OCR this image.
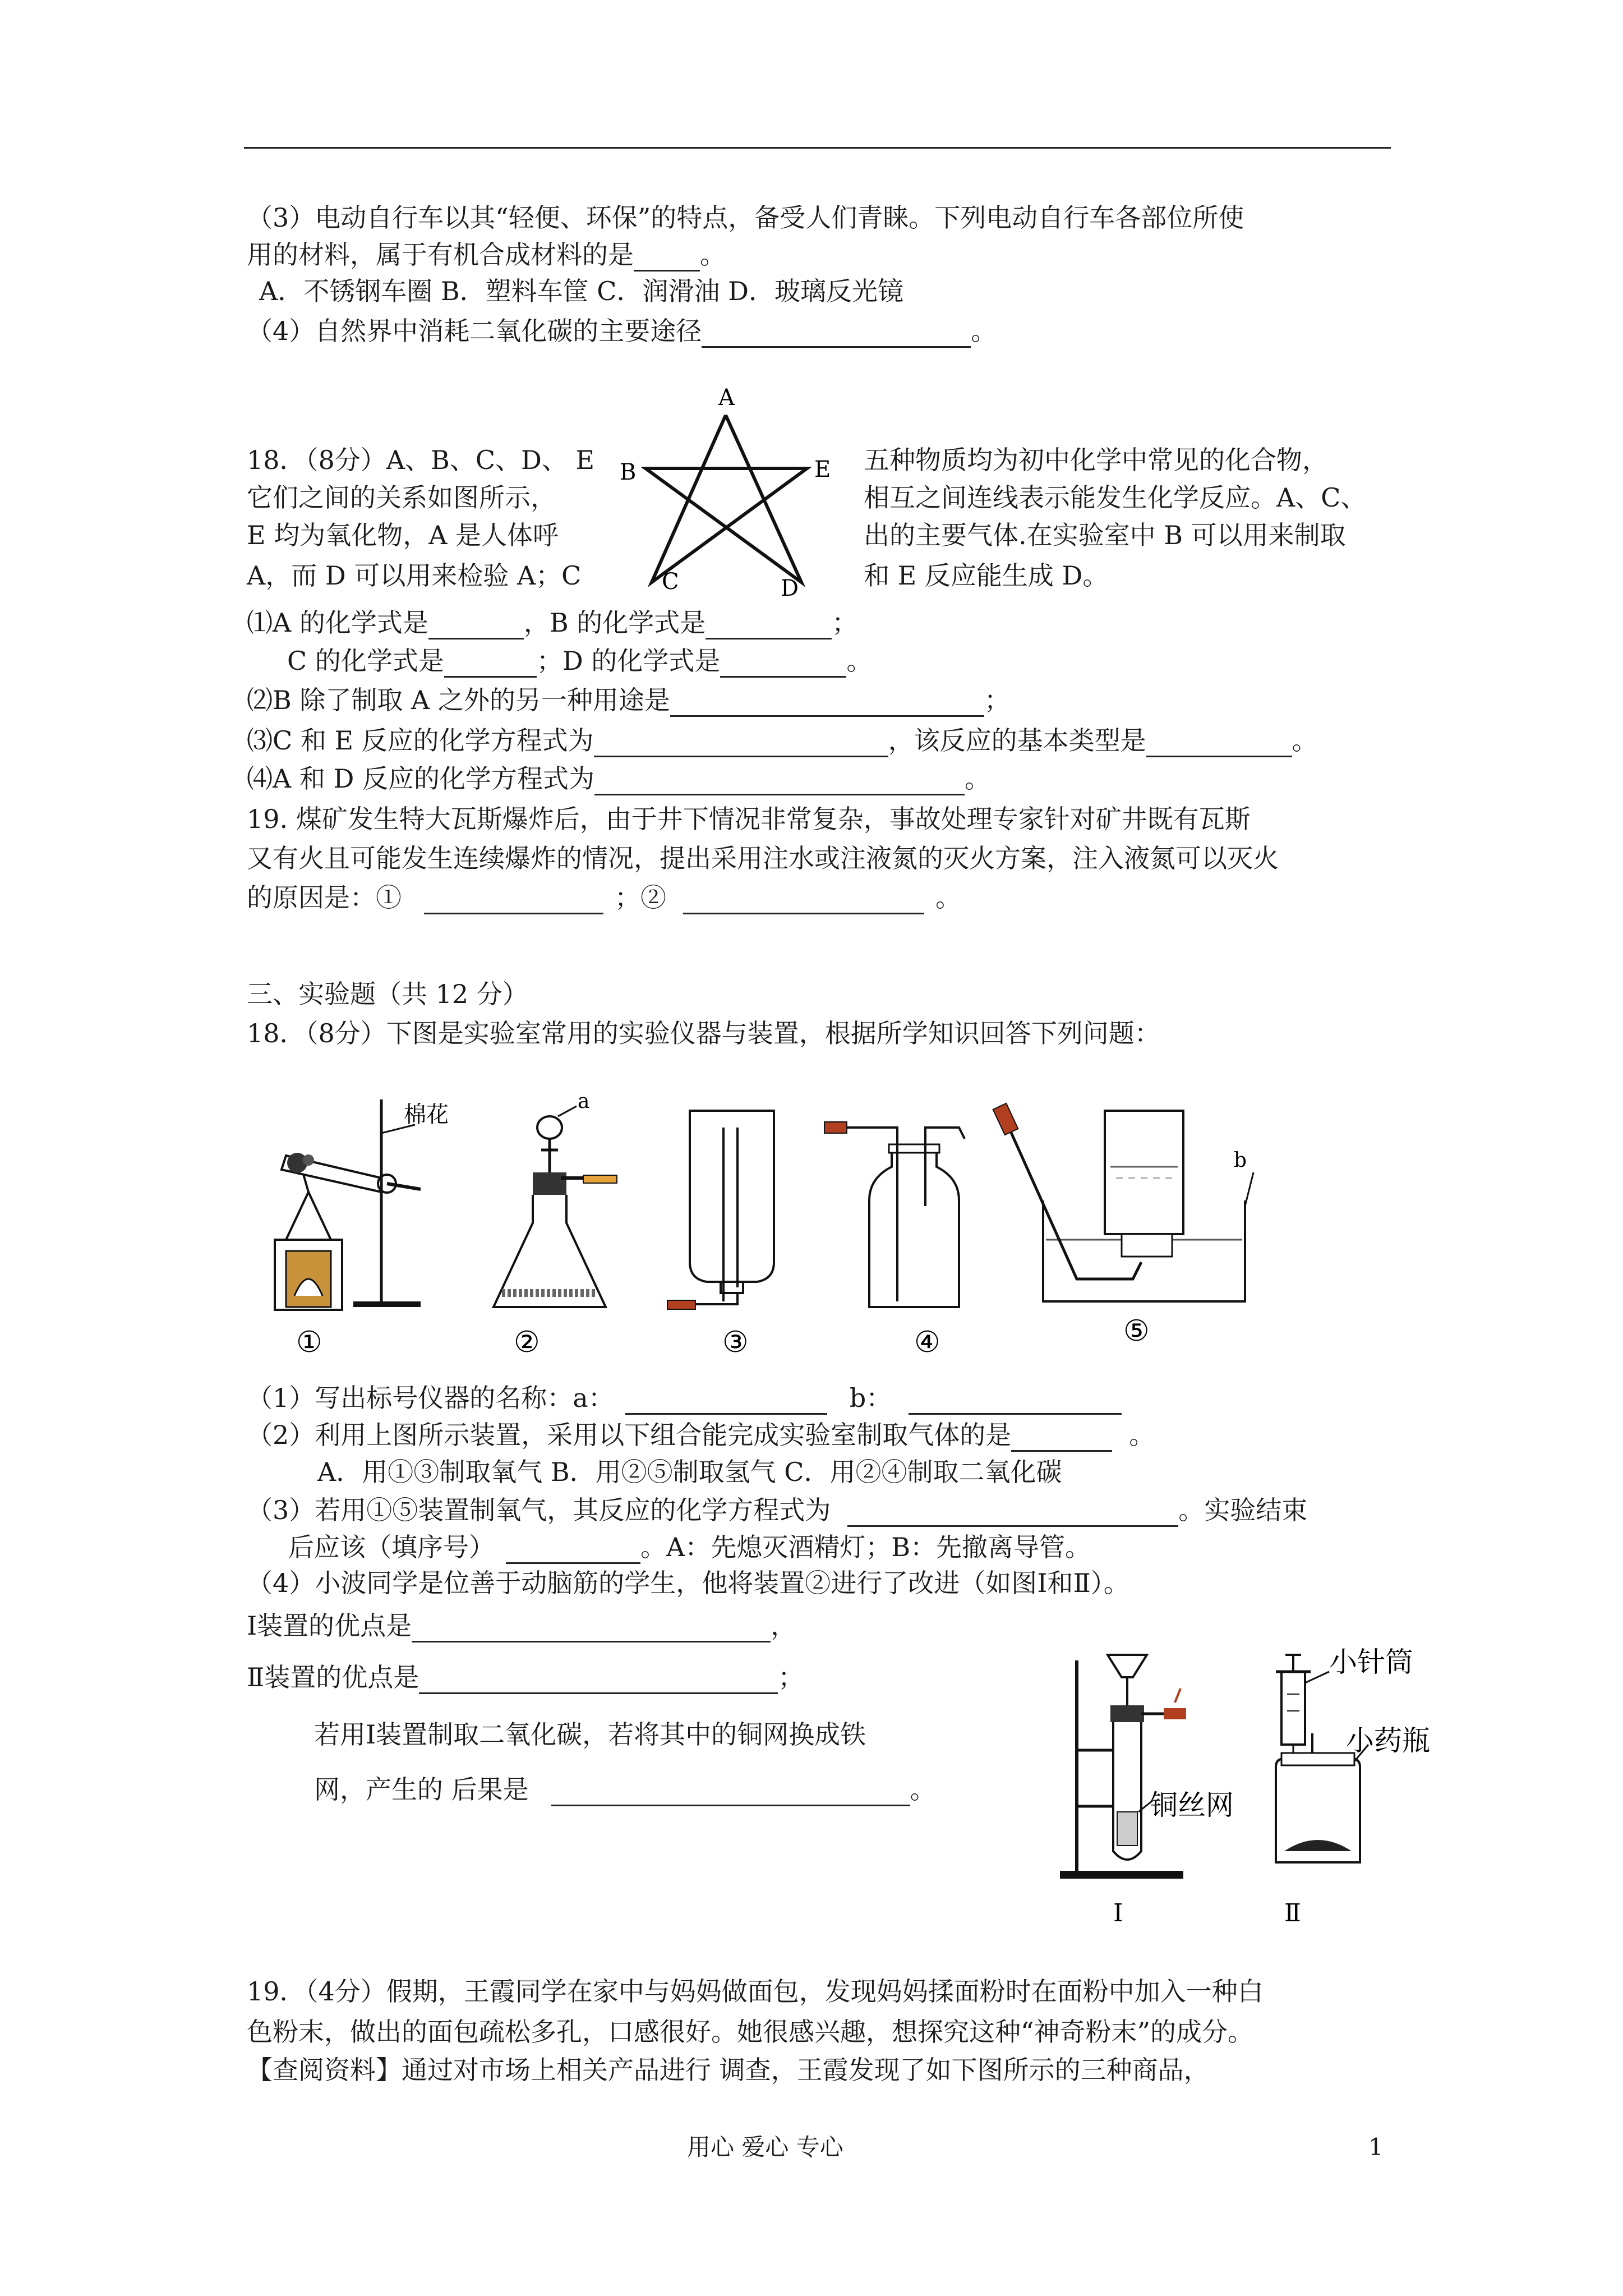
（3）电动自行车以其“轻便、环保”的特点，备受人们青睐。下列电动自行车各部位所使
用的材料，属于有机合成材料的是	。
A．不锈钢车圈 B．塑料车筐 C．润滑油 D．玻璃反光镜
（4）自然界中消耗二氧化碳的主要途径	。
18．（8分）A、B、C、D、 E
它们之间的关系如图所示，
E 均为氧化物，A 是人体呼
A，而 D 可以用来检验 A；C
五种物质均为初中化学中常见的化合物，
相互之间连线表示能发生化学反应。A、C、
出的主要气体.在实验室中 B 可以用来制取
和 E 反应能生成 D。
A
B	E
C	D
⑴A 的化学式是	，B 的化学式是	；
C 的化学式是	；D 的化学式是	。
⑵B 除了制取 A 之外的另一种用途是	；
⑶C 和 E 反应的化学方程式为	，该反应的基本类型是	。
⑷A 和 D 反应的化学方程式为	。
19. 煤矿发生特大瓦斯爆炸后，由于井下情况非常复杂，事故处理专家针对矿井既有瓦斯
又有火且可能发生连续爆炸的情况，提出采用注水或注液氮的灭火方案，注入液氮可以灭火
的原因是：①	；②	。
三、实验题（共 12 分）
18．（8分）下图是实验室常用的实验仪器与装置，根据所学知识回答下列问题：
棉花
①
a
②	③	④
b
⑤
（1）写出标号仪器的名称：a：	b：
（2）利用上图所示装置，采用以下组合能完成实验室制取气体的是	。
A．用①③制取氧气 B．用②⑤制取氢气 C．用②④制取二氧化碳
（3）若用①⑤装置制氧气，其反应的化学方程式为	。实验结束
后应该（填序号）	。A：先熄灭酒精灯；B：先撤离导管。
（4）小波同学是位善于动脑筋的学生，他将装置②进行了改进（如图Ⅰ和Ⅱ）。
Ⅰ装置的优点是	，
Ⅱ装置的优点是	；
若用Ⅰ装置制取二氧化碳，若将其中的铜网换成铁
网，产生的 后果是	。	铜丝网
Ⅰ
小针筒
小药瓶
Ⅱ
19．（4分）假期，王霞同学在家中与妈妈做面包，发现妈妈揉面粉时在面粉中加入一种白
色粉末，做出的面包疏松多孔，口感很好。她很感兴趣，想探究这种“神奇粉末”的成分。
【查阅资料】通过对市场上相关产品进行 调查，王霞发现了如下图所示的三种商品，
用心 爱心 专心	1
